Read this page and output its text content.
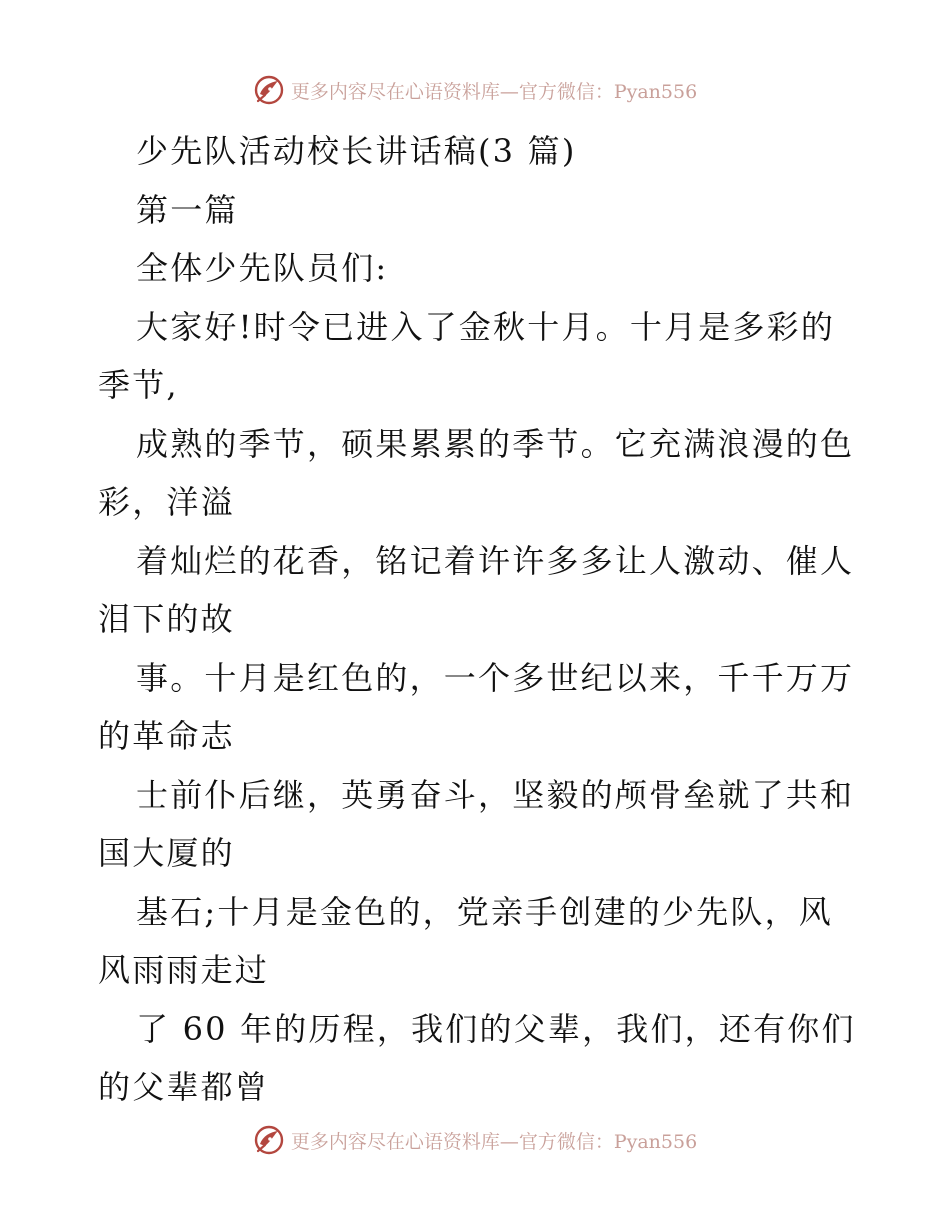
更多内容尽在心语资料库—官方微信：Pyan556
少先队活动校长讲话稿(3 篇)
第一篇
全体少先队员们:
大家好!时令已进入了金秋十月。十月是多彩的
季节,
成熟的季节，硕果累累的季节。它充满浪漫的色
彩，洋溢
着灿烂的花香，铭记着许许多多让人激动、催人
泪下的故
事。十月是红色的，一个多世纪以来，千千万万
的革命志
士前仆后继，英勇奋斗，坚毅的颅骨垒就了共和
国大厦的
基石;十月是金色的，党亲手创建的少先队，风
风雨雨走过
了 60 年的历程，我们的父辈，我们，还有你们
的父辈都曾
更多内容尽在心语资料库—官方微信：Pyan556
